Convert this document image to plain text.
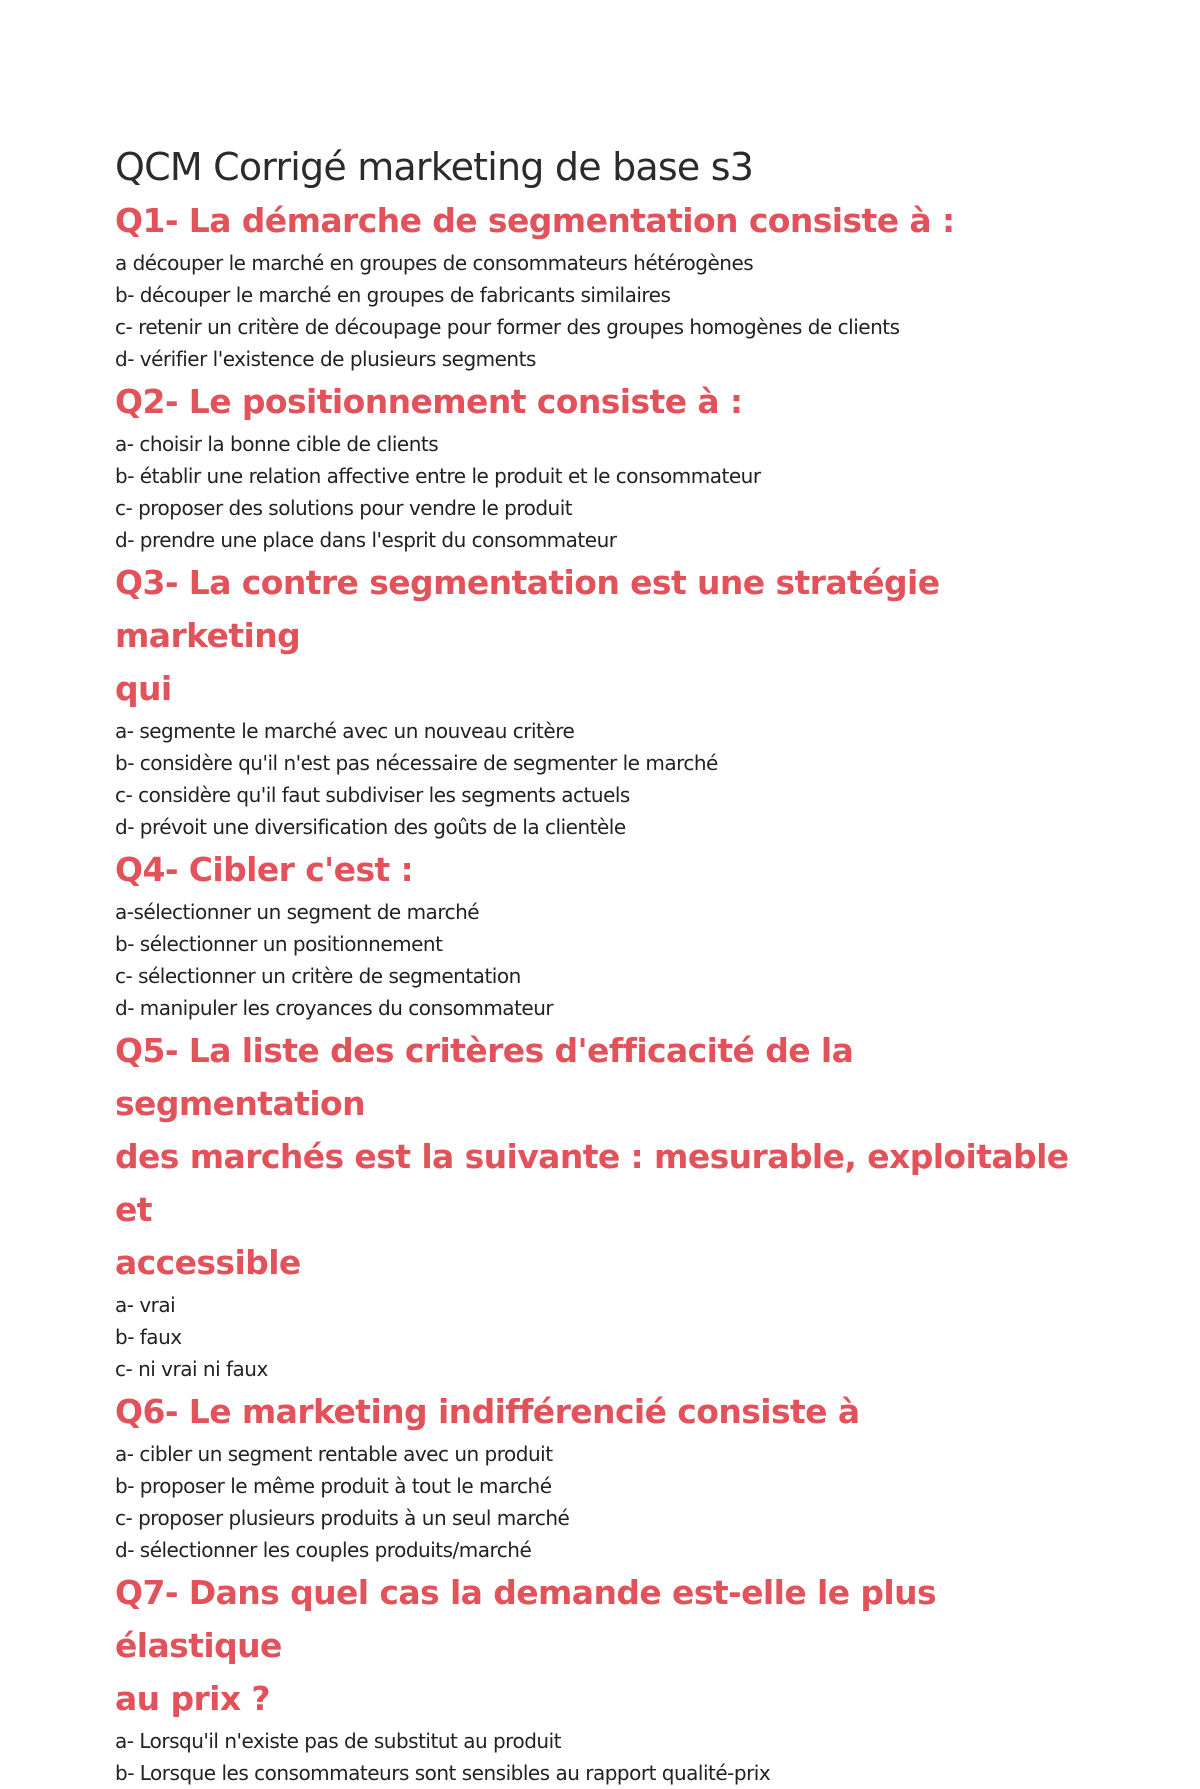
QCM Corrigé marketing de base s3
Q1- La démarche de segmentation consiste à :
a découper le marché en groupes de consommateurs hétérogènes
b- découper le marché en groupes de fabricants similaires
c- retenir un critère de découpage pour former des groupes homogènes de clients
d- vérifier l'existence de plusieurs segments
Q2- Le positionnement consiste à :
a- choisir la bonne cible de clients
b- établir une relation affective entre le produit et le consommateur
c- proposer des solutions pour vendre le produit
d- prendre une place dans l'esprit du consommateur
Q3- La contre segmentation est une stratégie marketing
qui
a- segmente le marché avec un nouveau critère
b- considère qu'il n'est pas nécessaire de segmenter le marché
c- considère qu'il faut subdiviser les segments actuels
d- prévoit une diversification des goûts de la clientèle
Q4- Cibler c'est :
a-sélectionner un segment de marché
b- sélectionner un positionnement
c- sélectionner un critère de segmentation
d- manipuler les croyances du consommateur
Q5- La liste des critères d'efficacité de la segmentation
des marchés est la suivante : mesurable, exploitable et
accessible
a- vrai
b- faux
c- ni vrai ni faux
Q6- Le marketing indifférencié consiste à
a- cibler un segment rentable avec un produit
b- proposer le même produit à tout le marché
c- proposer plusieurs produits à un seul marché
d- sélectionner les couples produits/marché
Q7- Dans quel cas la demande est-elle le plus élastique
au prix ?
a- Lorsqu'il n'existe pas de substitut au produit
b- Lorsque les consommateurs sont sensibles au rapport qualité-prix
